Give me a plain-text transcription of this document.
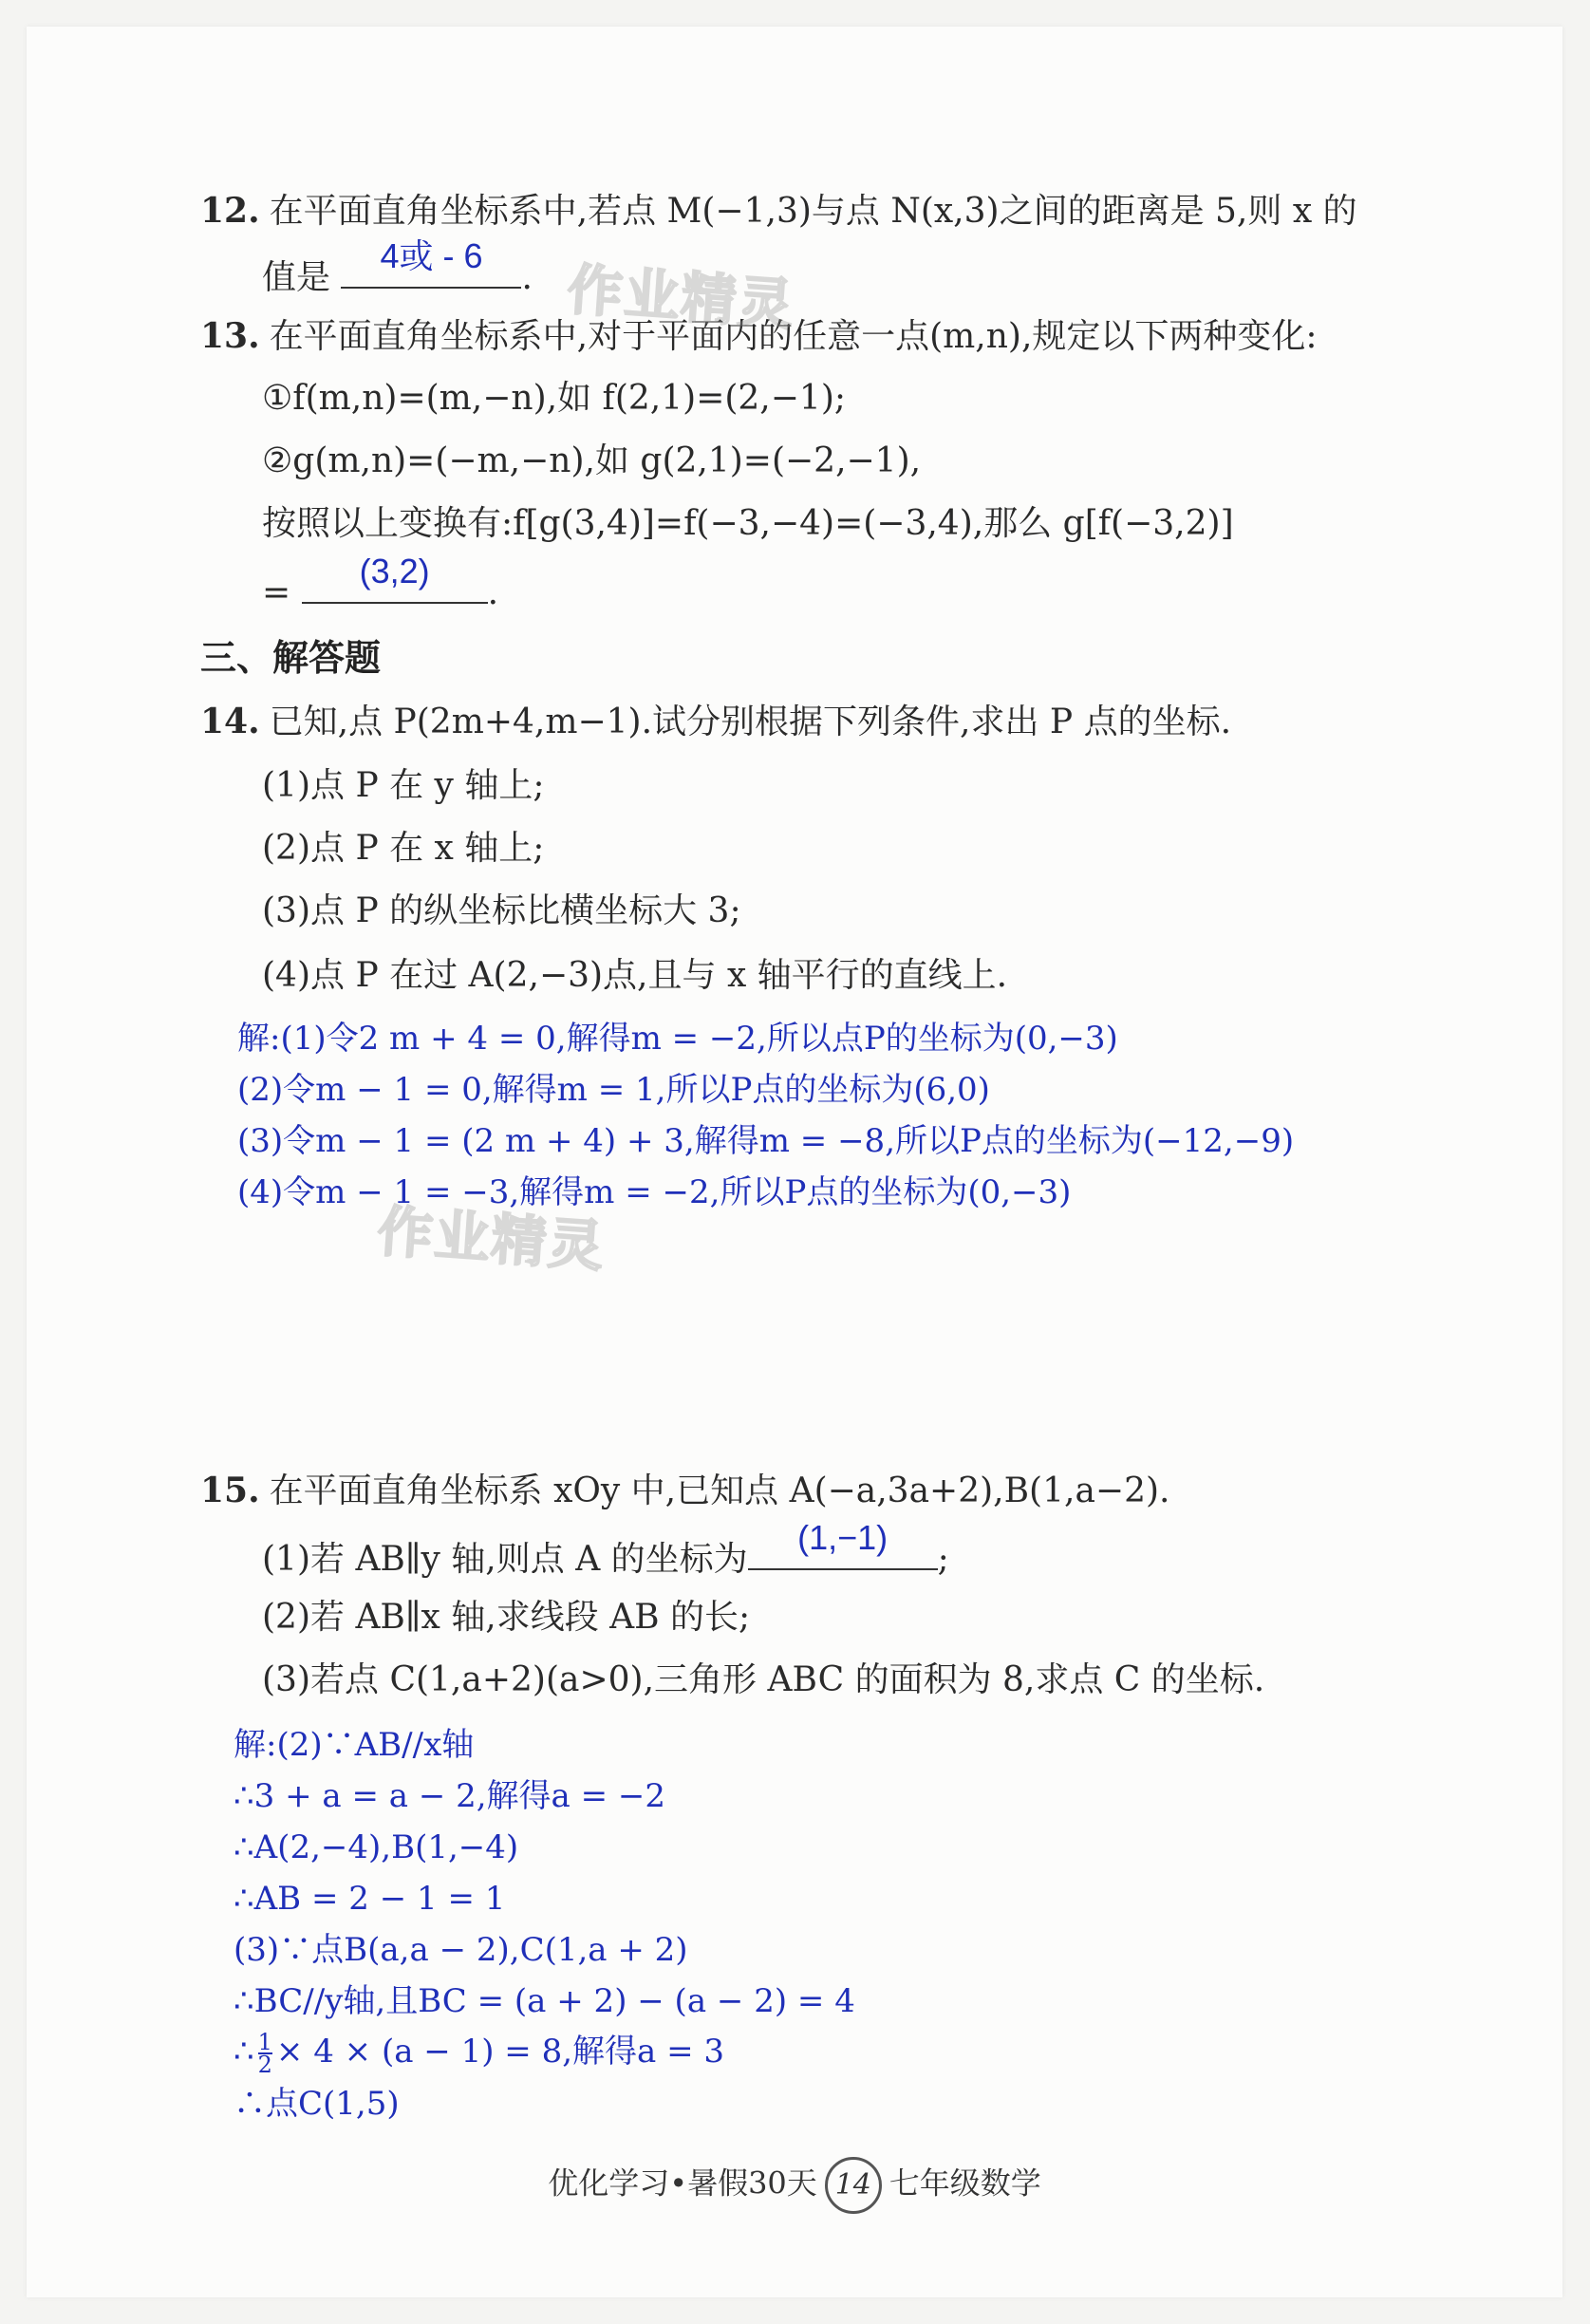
12. 在平面直角坐标系中,若点 M(−1,3)与点 N(x,3)之间的距离是 5,则 x 的
值是
4或 - 6
.
13. 在平面直角坐标系中,对于平面内的任意一点(m,n),规定以下两种变化:
①f(m,n)=(m,−n),如 f(2,1)=(2,−1);
②g(m,n)=(−m,−n),如 g(2,1)=(−2,−1),
按照以上变换有:f[g(3,4)]=f(−3,−4)=(−3,4),那么 g[f(−3,2)]
=
(3,2)
.
三、解答题
14. 已知,点 P(2m+4,m−1).试分别根据下列条件,求出 P 点的坐标.
(1)点 P 在 y 轴上;
(2)点 P 在 x 轴上;
(3)点 P 的纵坐标比横坐标大 3;
(4)点 P 在过 A(2,−3)点,且与 x 轴平行的直线上.
解:(1)令2 m + 4 = 0,解得m = −2,所以点P的坐标为(0,−3)
(2)令m − 1 = 0,解得m = 1,所以P点的坐标为(6,0)
(3)令m − 1 = (2 m + 4) + 3,解得m = −8,所以P点的坐标为(−12,−9)
(4)令m − 1 = −3,解得m = −2,所以P点的坐标为(0,−3)
15. 在平面直角坐标系 xOy 中,已知点 A(−a,3a+2),B(1,a−2).
(1)若 AB∥y 轴,则点 A 的坐标为
(1,−1)
;
(2)若 AB∥x 轴,求线段 AB 的长;
(3)若点 C(1,a+2)(a>0),三角形 ABC 的面积为 8,求点 C 的坐标.
解:(2)∵AB//x轴
∴3 + a = a − 2,解得a = −2
∴A(2,−4),B(1,−4)
∴AB = 2 − 1 = 1
(3)∵点B(a,a − 2),C(1,a + 2)
∴BC//y轴,且BC = (a + 2) − (a − 2) = 4
∴ $\frac{1}{2} \times 4 \times (a - 1) = 8$,解得a = 3
∴点C(1,5)
作业精灵
作业精灵
优化学习•暑假30天 14 七年级数学
